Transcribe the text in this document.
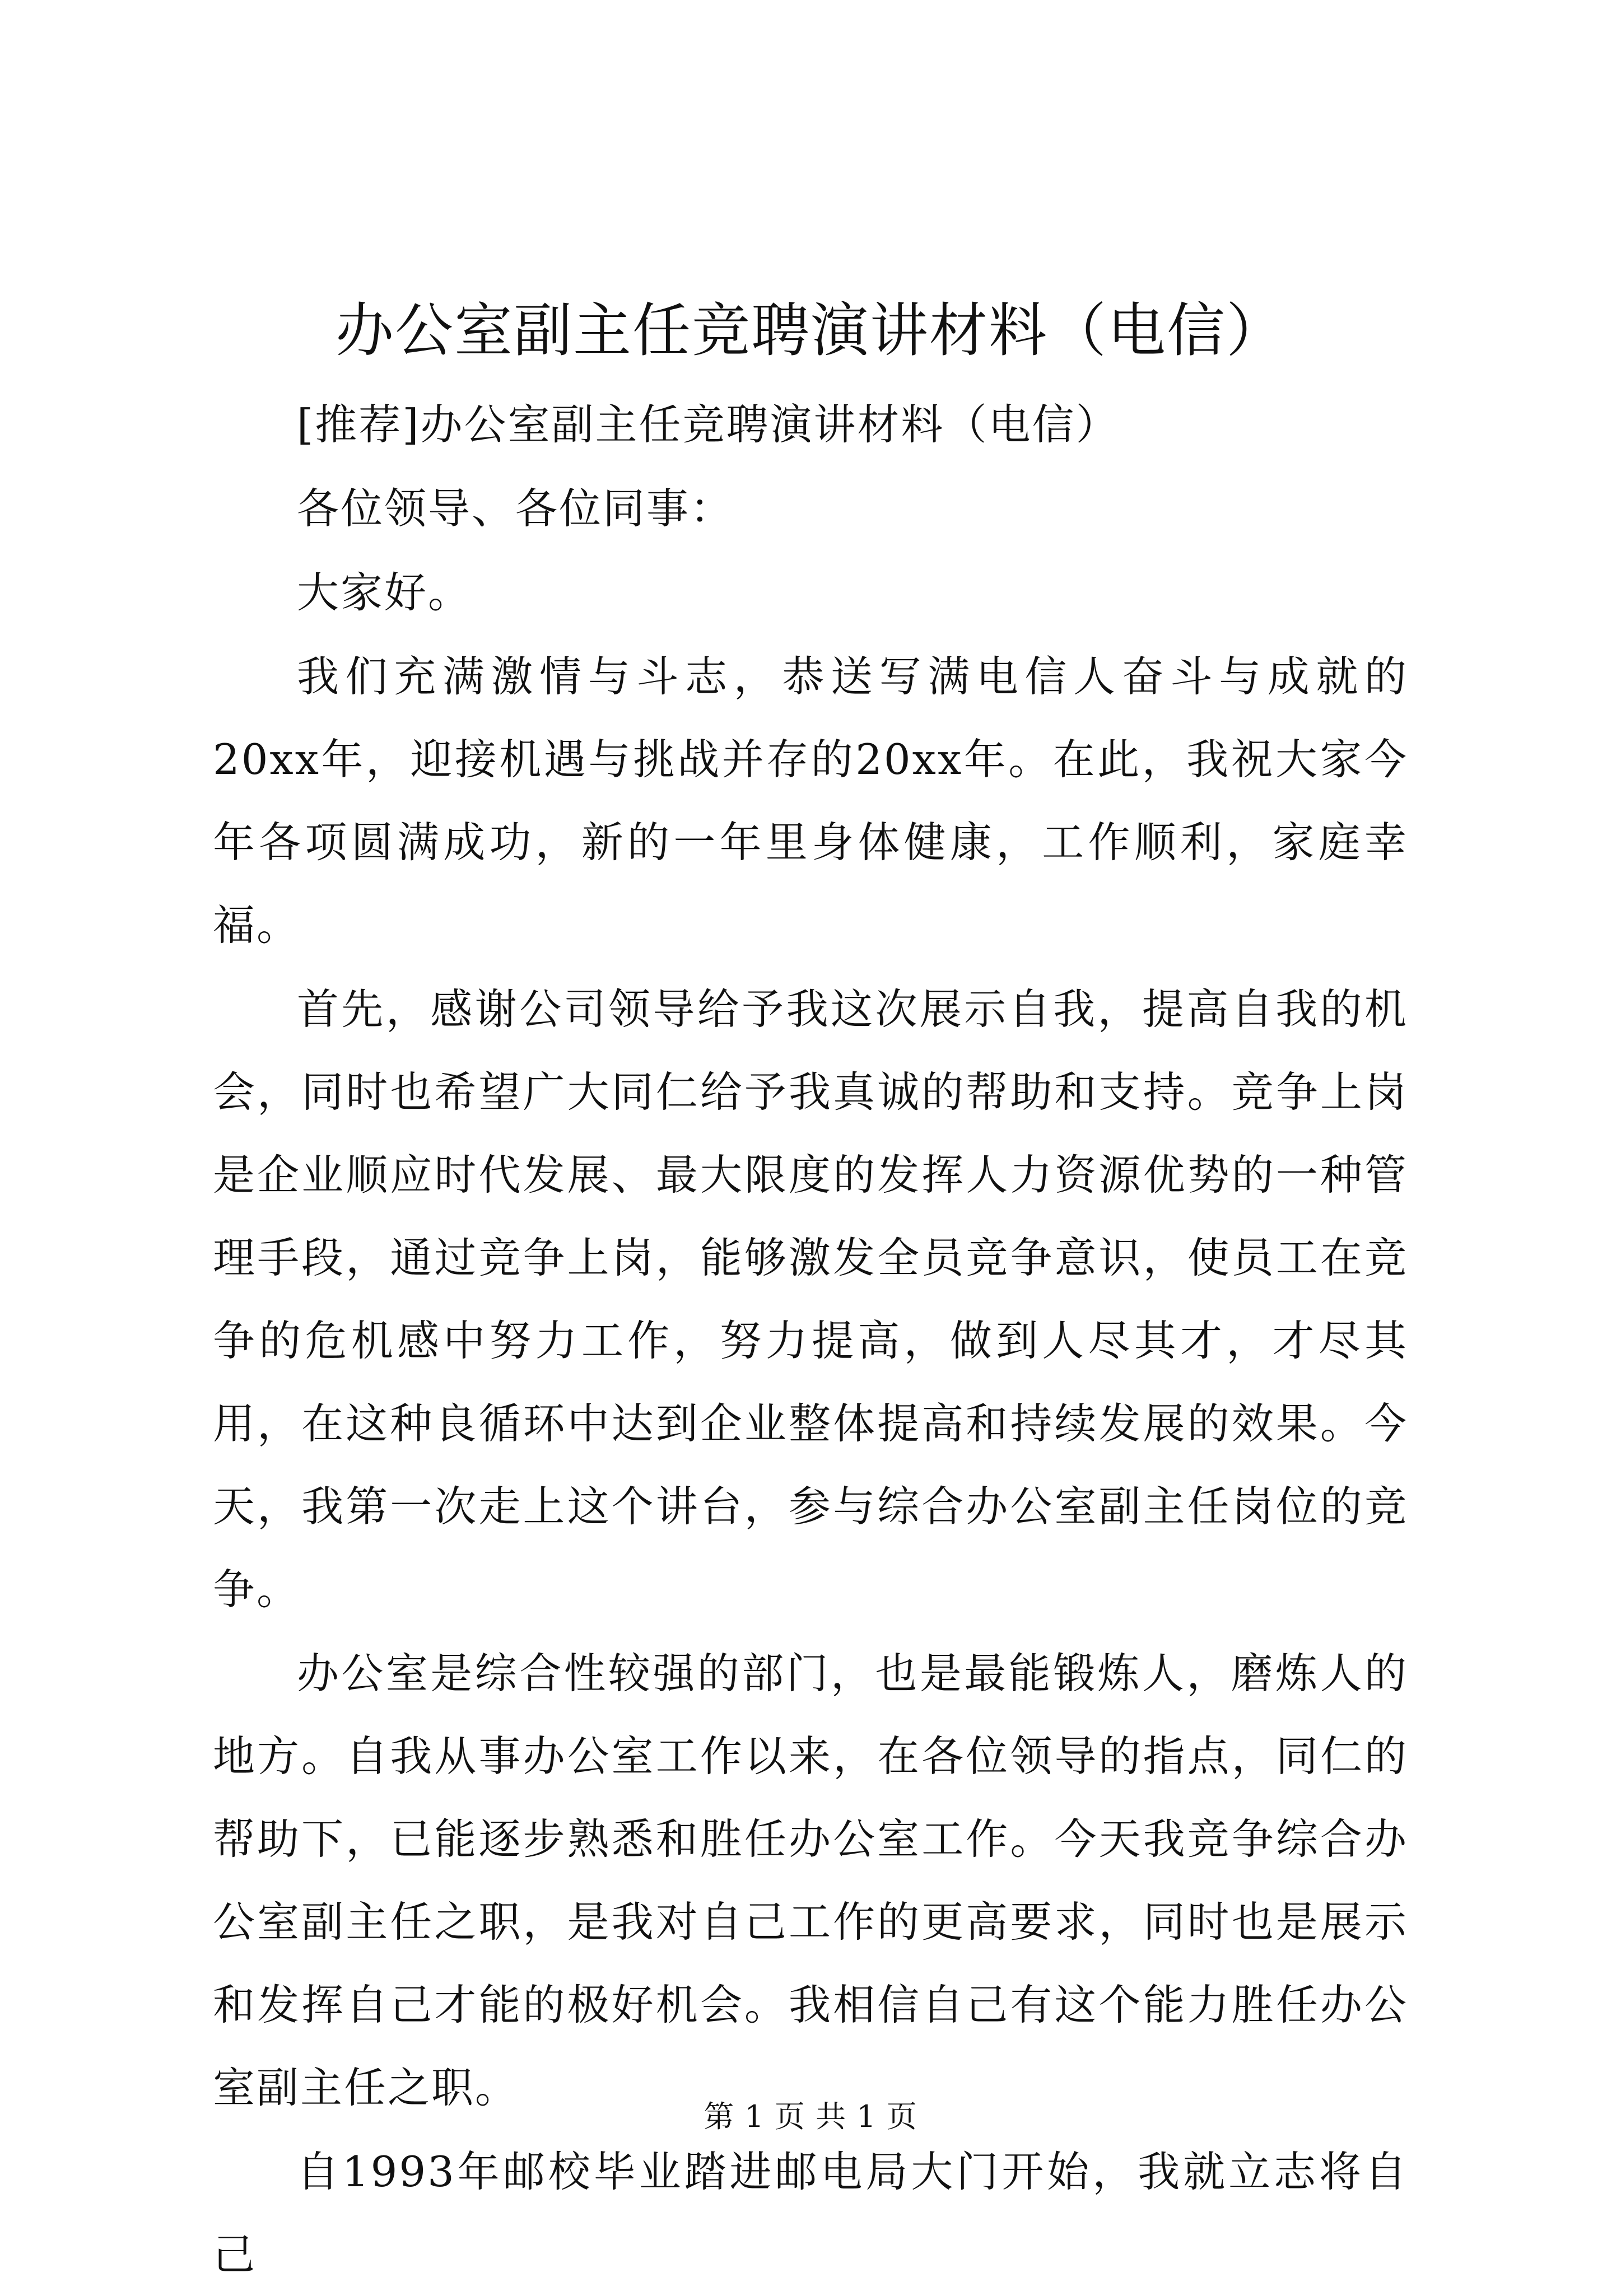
办公室副主任竞聘演讲材料（电信）

[推荐]办公室副主任竞聘演讲材料（电信）

各位领导、各位同事：

大家好。

我们充满激情与斗志，恭送写满电信人奋斗与成就的20xx年，迎接机遇与挑战并存的20xx年。在此，我祝大家今年各项圆满成功，新的一年里身体健康，工作顺利，家庭幸福。

首先，感谢公司领导给予我这次展示自我，提高自我的机会，同时也希望广大同仁给予我真诚的帮助和支持。竞争上岗是企业顺应时代发展、最大限度的发挥人力资源优势的一种管理手段，通过竞争上岗，能够激发全员竞争意识，使员工在竞争的危机感中努力工作，努力提高，做到人尽其才，才尽其用，在这种良循环中达到企业整体提高和持续发展的效果。今天，我第一次走上这个讲台，参与综合办公室副主任岗位的竞争。

办公室是综合性较强的部门，也是最能锻炼人，磨炼人的地方。自我从事办公室工作以来，在各位领导的指点，同仁的帮助下，已能逐步熟悉和胜任办公室工作。今天我竞争综合办公室副主任之职，是我对自己工作的更高要求，同时也是展示和发挥自己才能的极好机会。我相信自己有这个能力胜任办公室副主任之职。

自1993年邮校毕业踏进邮电局大门开始，我就立志将自己

第 1 页 共 1 页
